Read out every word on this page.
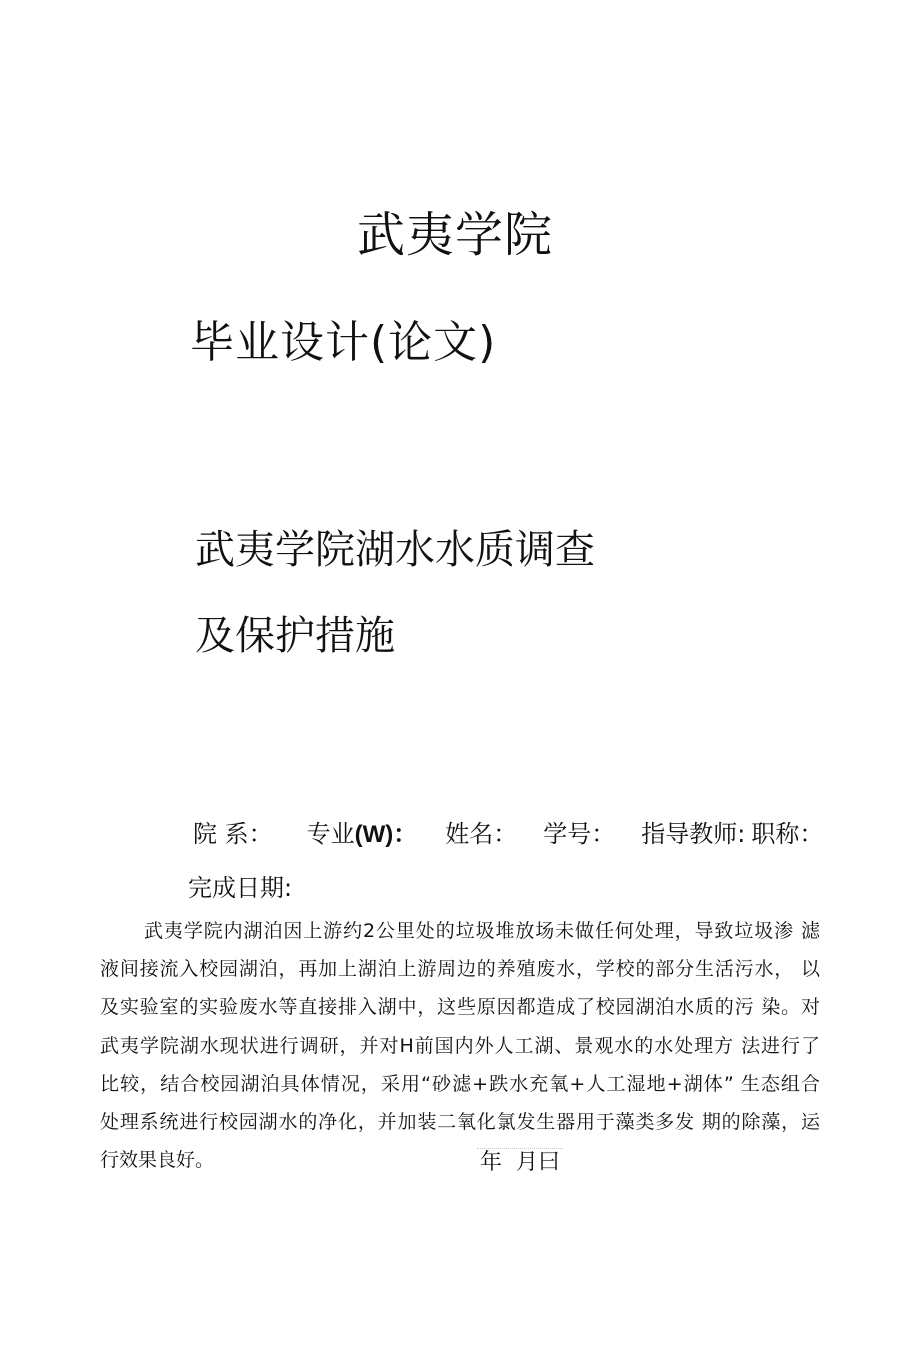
武夷学院
毕业设计(论文)
武夷学院湖水水质调查
及保护措施
院 系： 专业(W)： 姓名： 学号： 指导教师: 职称：
完成日期:
武夷学院内湖泊因上游约2公里处的垃圾堆放场未做任何处理，导致垃圾渗 滤
液间接流入校园湖泊，再加上湖泊上游周边的养殖废水，学校的部分生活污水， 以
及实验室的实验废水等直接排入湖中，这些原因都造成了校园湖泊水质的污 染。对
武夷学院湖水现状进行调研，并对H前国内外人工湖、景观水的水处理方 法进行了
比较，结合校园湖泊具体情况，采用“砂滤+跌水充氧+人工湿地+湖体” 生态组合
处理系统进行校园湖水的净化，并加装二氧化氯发生器用于藻类多发 期的除藻，运
行效果良好。	年 月曰
